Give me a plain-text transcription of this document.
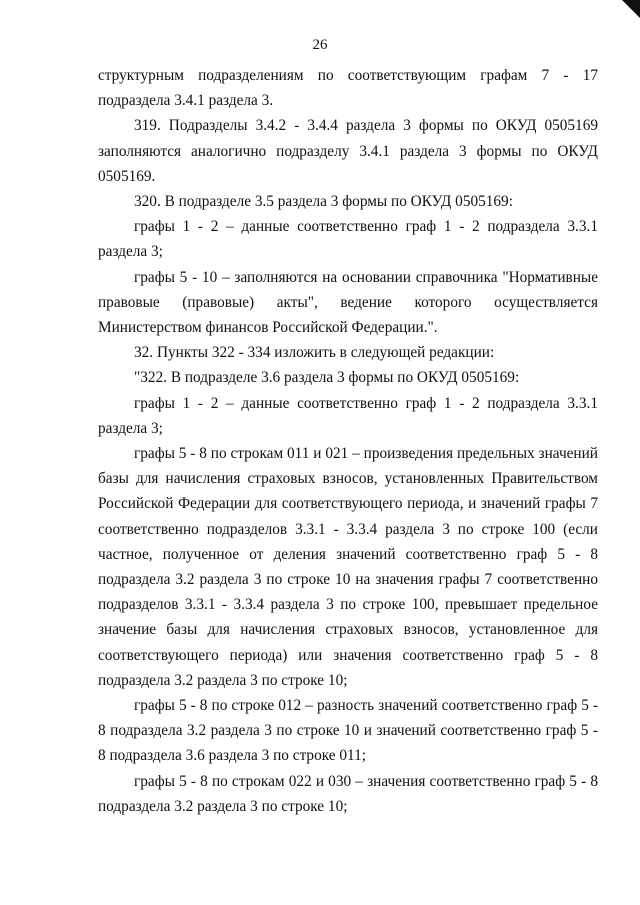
26

структурным подразделениям по соответствующим графам 7 - 17 подраздела 3.4.1 раздела 3.

319. Подразделы 3.4.2 - 3.4.4 раздела 3 формы по ОКУД 0505169 заполняются аналогично подразделу 3.4.1 раздела 3 формы по ОКУД 0505169.

320. В подразделе 3.5 раздела 3 формы по ОКУД 0505169:

графы 1 - 2 – данные соответственно граф 1 - 2 подраздела 3.3.1 раздела 3;

графы 5 - 10 – заполняются на основании справочника "Нормативные правовые (правовые) акты", ведение которого осуществляется Министерством финансов Российской Федерации.".

32. Пункты 322 - 334 изложить в следующей редакции:

"322. В подразделе 3.6 раздела 3 формы по ОКУД 0505169:

графы 1 - 2 – данные соответственно граф 1 - 2 подраздела 3.3.1 раздела 3;

графы 5 - 8 по строкам 011 и 021 – произведения предельных значений базы для начисления страховых взносов, установленных Правительством Российской Федерации для соответствующего периода, и значений графы 7 соответственно подразделов 3.3.1 - 3.3.4 раздела 3 по строке 100 (если частное, полученное от деления значений соответственно граф 5 - 8 подраздела 3.2 раздела 3 по строке 10 на значения графы 7 соответственно подразделов 3.3.1 - 3.3.4 раздела 3 по строке 100, превышает предельное значение базы для начисления страховых взносов, установленное для соответствующего периода) или значения соответственно граф 5 - 8 подраздела 3.2 раздела 3 по строке 10;

графы 5 - 8 по строке 012 – разность значений соответственно граф 5 - 8 подраздела 3.2 раздела 3 по строке 10 и значений соответственно граф 5 - 8 подраздела 3.6 раздела 3 по строке 011;

графы 5 - 8 по строкам 022 и 030 – значения соответственно граф 5 - 8 подраздела 3.2 раздела 3 по строке 10;
